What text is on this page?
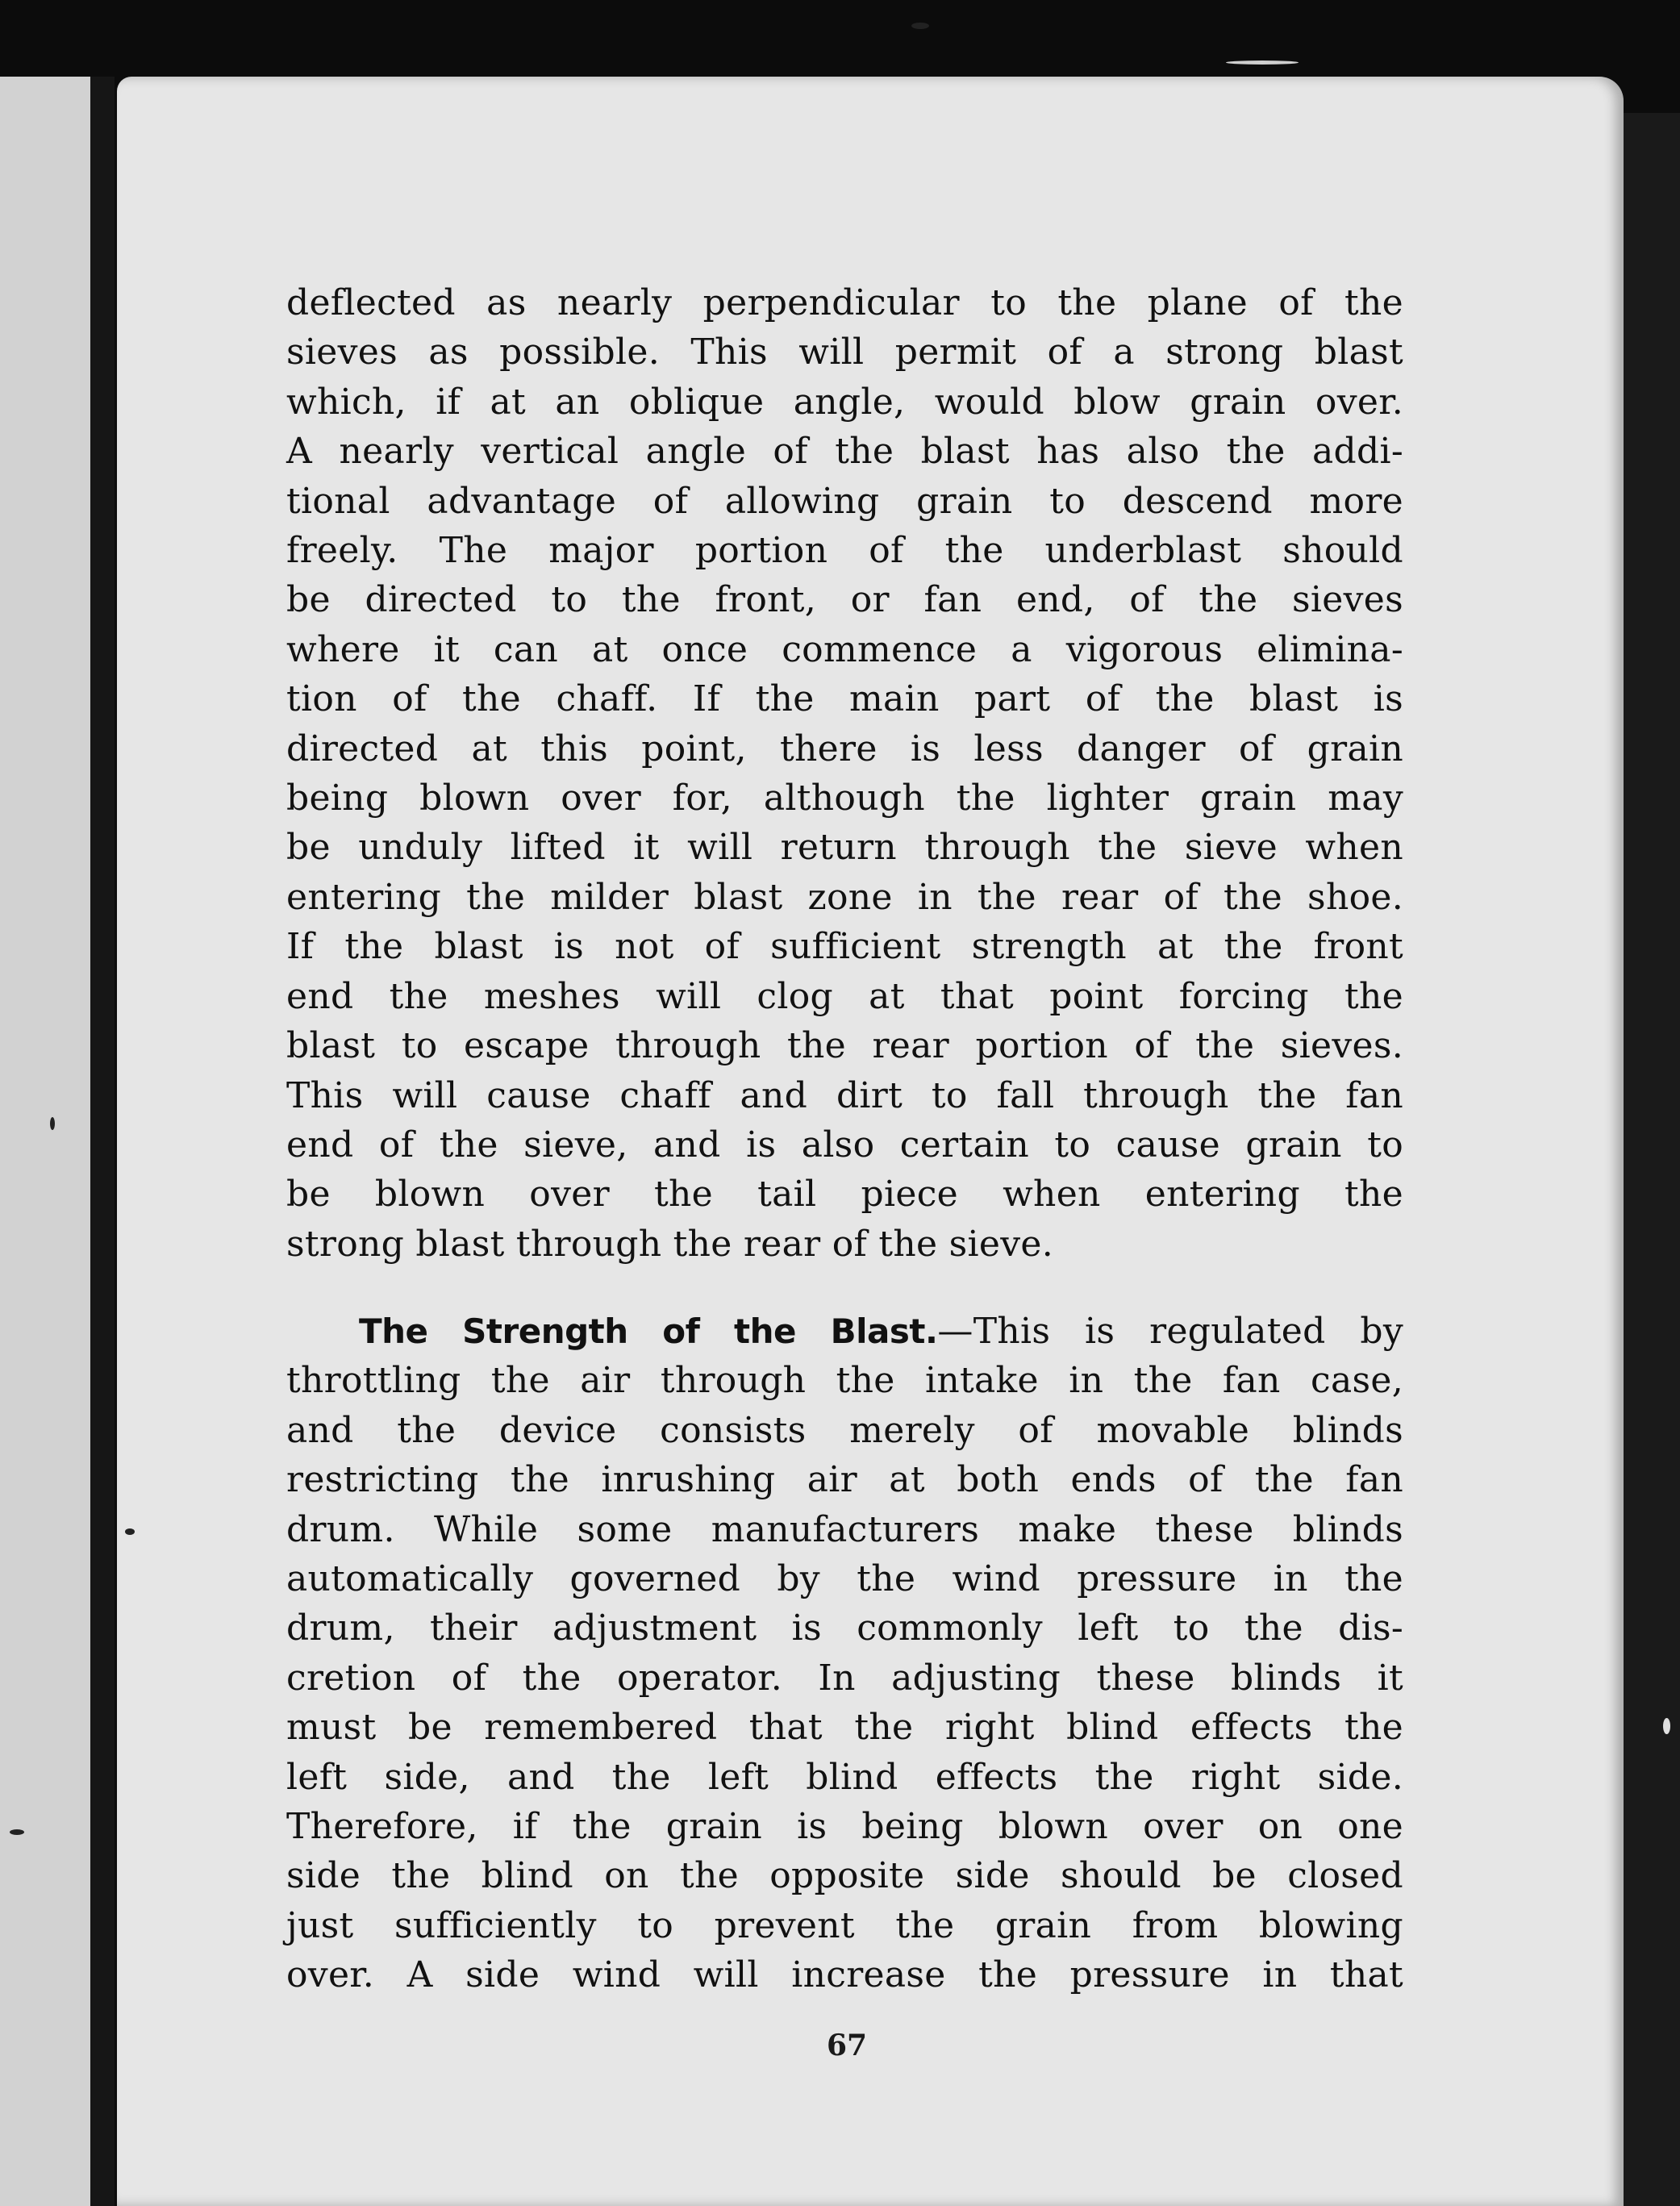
deflected as nearly perpendicular to the plane of the
sieves as possible. This will permit of a strong blast
which, if at an oblique angle, would blow grain over.
A nearly vertical angle of the blast has also the addi-
tional advantage of allowing grain to descend more
freely. The major portion of the underblast should
be directed to the front, or fan end, of the sieves
where it can at once commence a vigorous elimina-
tion of the chaff. If the main part of the blast is
directed at this point, there is less danger of grain
being blown over for, although the lighter grain may
be unduly lifted it will return through the sieve when
entering the milder blast zone in the rear of the shoe.
If the blast is not of sufficient strength at the front
end the meshes will clog at that point forcing the
blast to escape through the rear portion of the sieves.
This will cause chaff and dirt to fall through the fan
end of the sieve, and is also certain to cause grain to
be blown over the tail piece when entering the
strong blast through the rear of the sieve.
The Strength of the Blast.—This is regulated by
throttling the air through the intake in the fan case,
and the device consists merely of movable blinds
restricting the inrushing air at both ends of the fan
drum. While some manufacturers make these blinds
automatically governed by the wind pressure in the
drum, their adjustment is commonly left to the dis-
cretion of the operator. In adjusting these blinds it
must be remembered that the right blind effects the
left side, and the left blind effects the right side.
Therefore, if the grain is being blown over on one
side the blind on the opposite side should be closed
just sufficiently to prevent the grain from blowing
over. A side wind will increase the pressure in that
67
